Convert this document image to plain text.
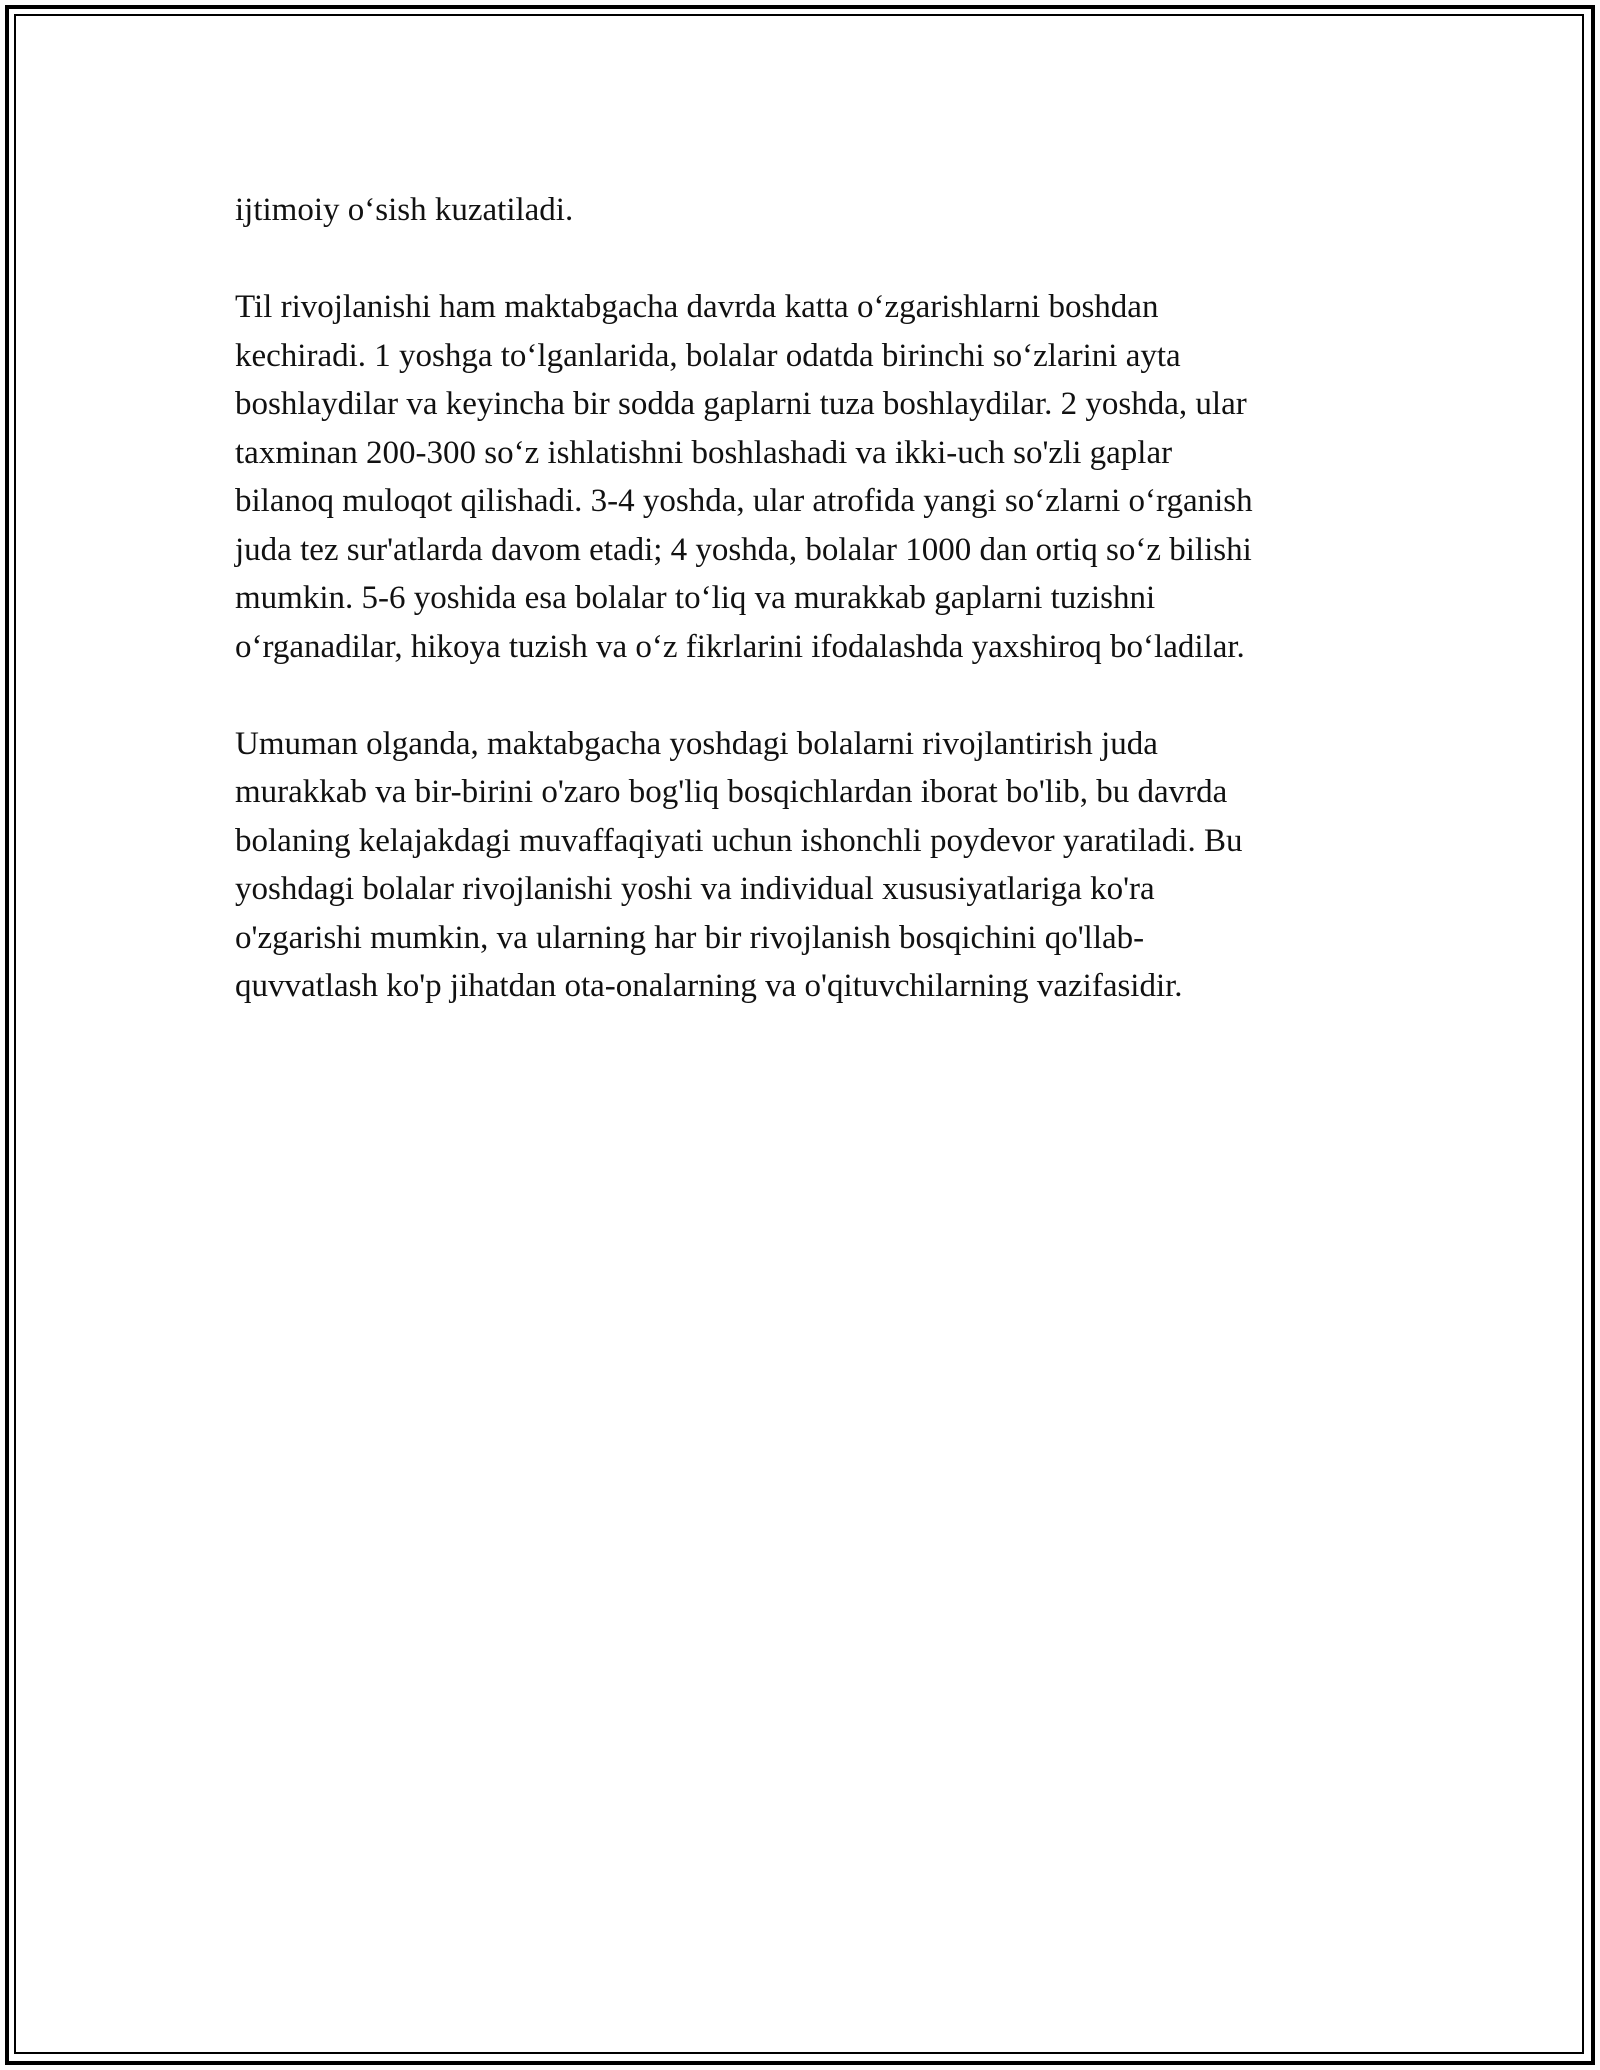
ijtimoiy o‘sish kuzatiladi.

Til rivojlanishi ham maktabgacha davrda katta o‘zgarishlarni boshdan
kechiradi. 1 yoshga to‘lganlarida, bolalar odatda birinchi so‘zlarini ayta
boshlaydilar va keyincha bir sodda gaplarni tuza boshlaydilar. 2 yoshda, ular
taxminan 200-300 so‘z ishlatishni boshlashadi va ikki-uch so'zli gaplar
bilanoq muloqot qilishadi. 3-4 yoshda, ular atrofida yangi so‘zlarni o‘rganish
juda tez sur'atlarda davom etadi; 4 yoshda, bolalar 1000 dan ortiq so‘z bilishi
mumkin. 5-6 yoshida esa bolalar to‘liq va murakkab gaplarni tuzishni
o‘rganadilar, hikoya tuzish va o‘z fikrlarini ifodalashda yaxshiroq bo‘ladilar.

Umuman olganda, maktabgacha yoshdagi bolalarni rivojlantirish juda
murakkab va bir-birini o'zaro bog'liq bosqichlardan iborat bo'lib, bu davrda
bolaning kelajakdagi muvaffaqiyati uchun ishonchli poydevor yaratiladi. Bu
yoshdagi bolalar rivojlanishi yoshi va individual xususiyatlariga ko'ra
o'zgarishi mumkin, va ularning har bir rivojlanish bosqichini qo'llab-
quvvatlash ko'p jihatdan ota-onalarning va o'qituvchilarning vazifasidir.
